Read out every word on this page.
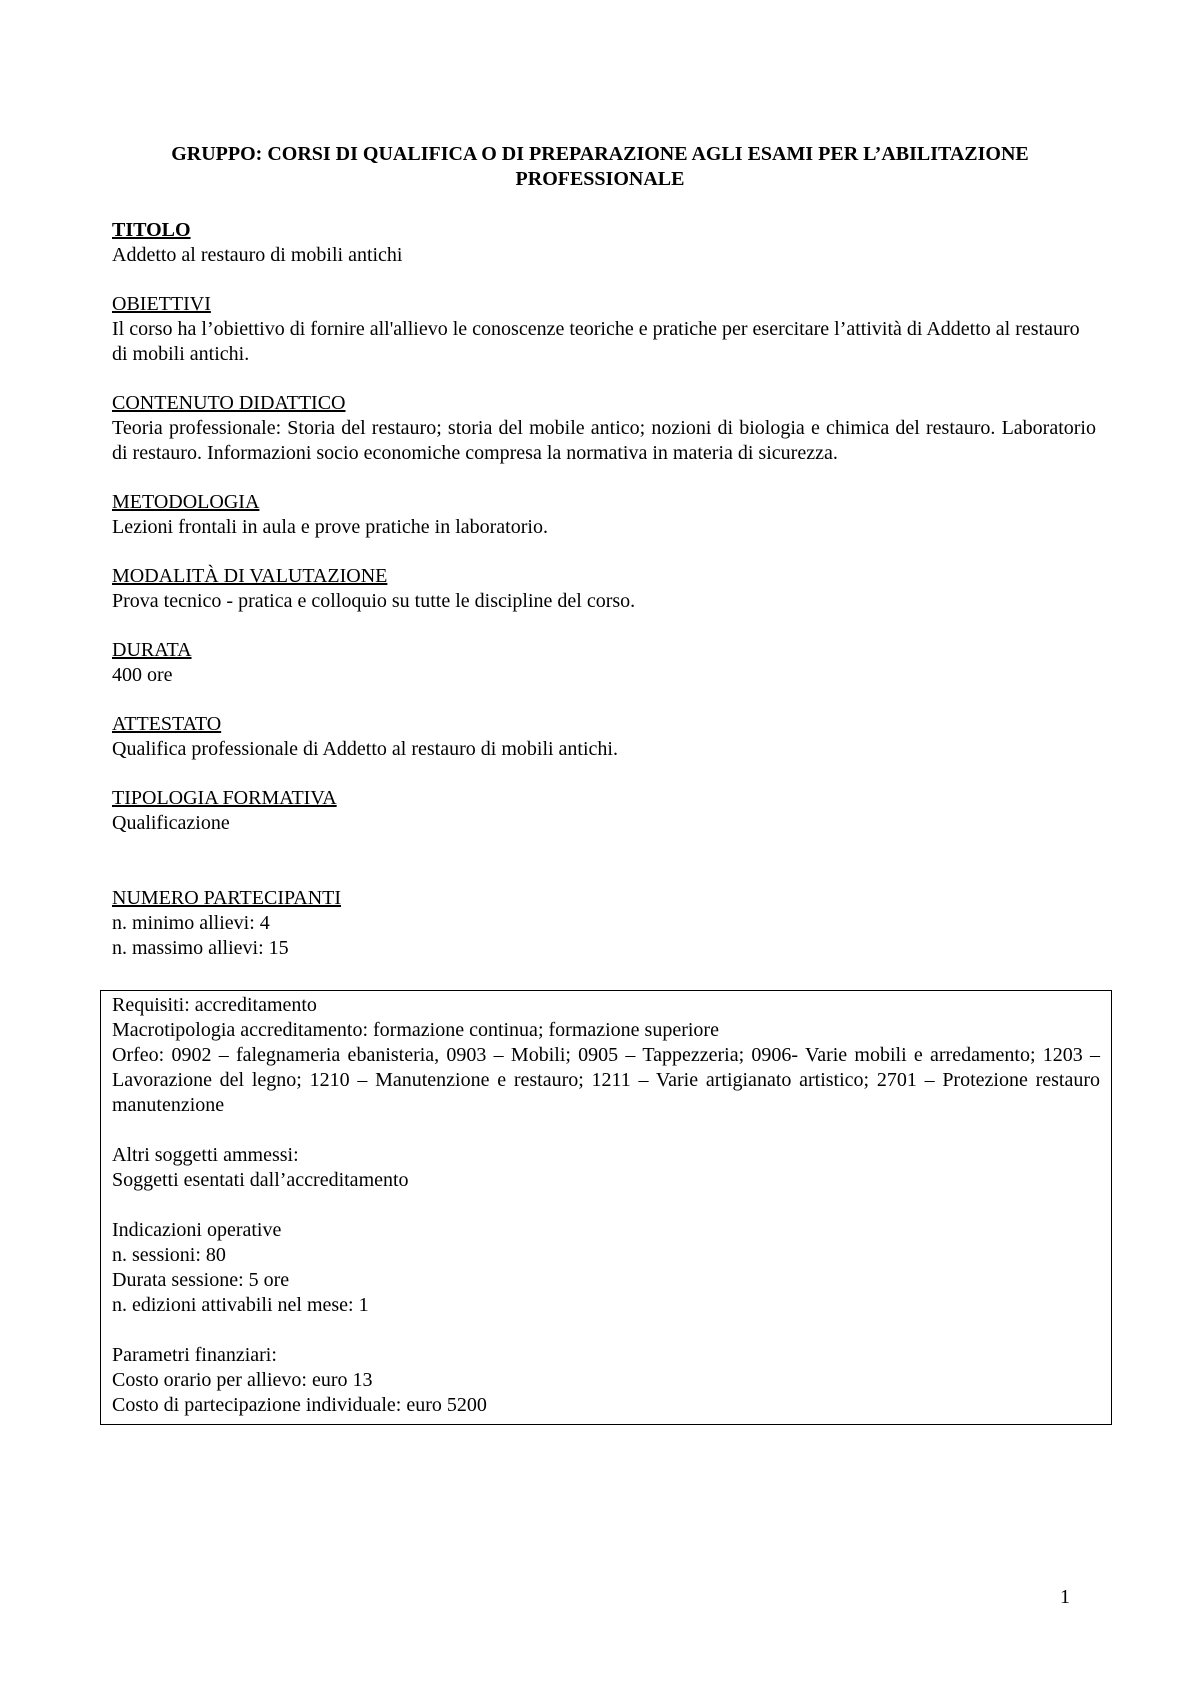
GRUPPO: CORSI DI QUALIFICA O DI PREPARAZIONE AGLI ESAMI PER L’ABILITAZIONE
PROFESSIONALE
TITOLO
Addetto al restauro di mobili antichi
OBIETTIVI
Il corso ha l’obiettivo di fornire all'allievo le conoscenze teoriche e pratiche per esercitare l’attività di Addetto al restauro di mobili antichi.
CONTENUTO DIDATTICO
Teoria professionale: Storia del restauro; storia del mobile antico; nozioni di biologia e chimica del restauro. Laboratorio di restauro. Informazioni socio economiche compresa la normativa in materia di sicurezza.
METODOLOGIA
Lezioni frontali in aula e prove pratiche in laboratorio.
MODALITÀ DI VALUTAZIONE
Prova tecnico - pratica e colloquio su tutte le discipline del corso.
DURATA
400 ore
ATTESTATO
Qualifica professionale di Addetto al restauro di mobili antichi.
TIPOLOGIA FORMATIVA
Qualificazione
NUMERO PARTECIPANTI
n. minimo allievi: 4
n. massimo allievi: 15

Requisiti: accreditamento

Macrotipologia accreditamento: formazione continua; formazione superiore

Orfeo: 0902 – falegnameria ebanisteria, 0903 – Mobili; 0905 – Tappezzeria; 0906- Varie mobili e arredamento; 1203 – Lavorazione del legno; 1210 – Manutenzione e restauro; 1211 – Varie artigianato artistico; 2701 – Protezione restauro manutenzione

Altri soggetti ammessi:

Soggetti esentati dall’accreditamento

Indicazioni operative

n. sessioni: 80

Durata sessione: 5 ore

n. edizioni attivabili nel mese: 1

Parametri finanziari:

Costo orario per allievo: euro 13

Costo di partecipazione individuale: euro 5200

1
